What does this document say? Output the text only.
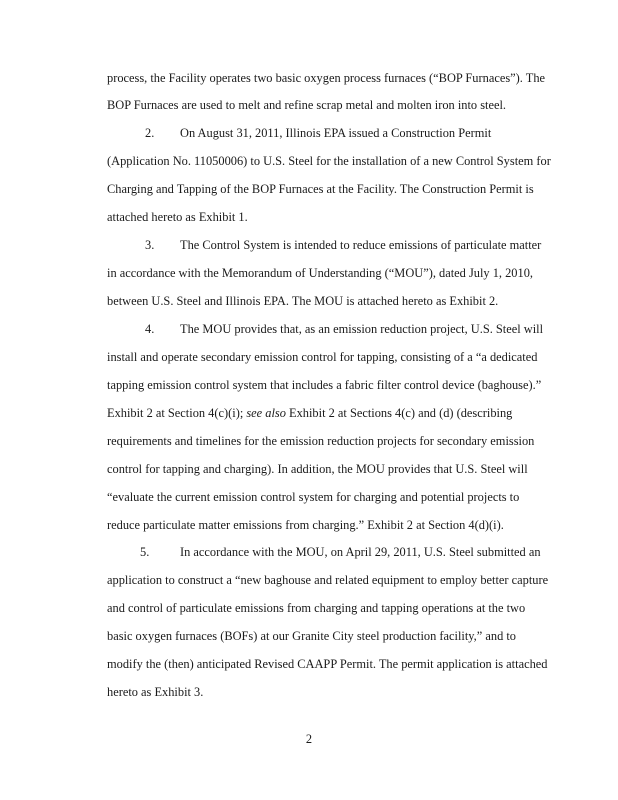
process, the Facility operates two basic oxygen process furnaces (“BOP Furnaces”). The
BOP Furnaces are used to melt and refine scrap metal and molten iron into steel.
2. On August 31, 2011, Illinois EPA issued a Construction Permit
(Application No. 11050006) to U.S. Steel for the installation of a new Control System for
Charging and Tapping of the BOP Furnaces at the Facility. The Construction Permit is
attached hereto as Exhibit 1.
3. The Control System is intended to reduce emissions of particulate matter
in accordance with the Memorandum of Understanding (“MOU”), dated July 1, 2010,
between U.S. Steel and Illinois EPA. The MOU is attached hereto as Exhibit 2.
4. The MOU provides that, as an emission reduction project, U.S. Steel will
install and operate secondary emission control for tapping, consisting of a “a dedicated
tapping emission control system that includes a fabric filter control device (baghouse).”
Exhibit 2 at Section 4(c)(i); see also Exhibit 2 at Sections 4(c) and (d) (describing
requirements and timelines for the emission reduction projects for secondary emission
control for tapping and charging). In addition, the MOU provides that U.S. Steel will
“evaluate the current emission control system for charging and potential projects to
reduce particulate matter emissions from charging.” Exhibit 2 at Section 4(d)(i).
5. In accordance with the MOU, on April 29, 2011, U.S. Steel submitted an
application to construct a “new baghouse and related equipment to employ better capture
and control of particulate emissions from charging and tapping operations at the two
basic oxygen furnaces (BOFs) at our Granite City steel production facility,” and to
modify the (then) anticipated Revised CAAPP Permit. The permit application is attached
hereto as Exhibit 3.
2
